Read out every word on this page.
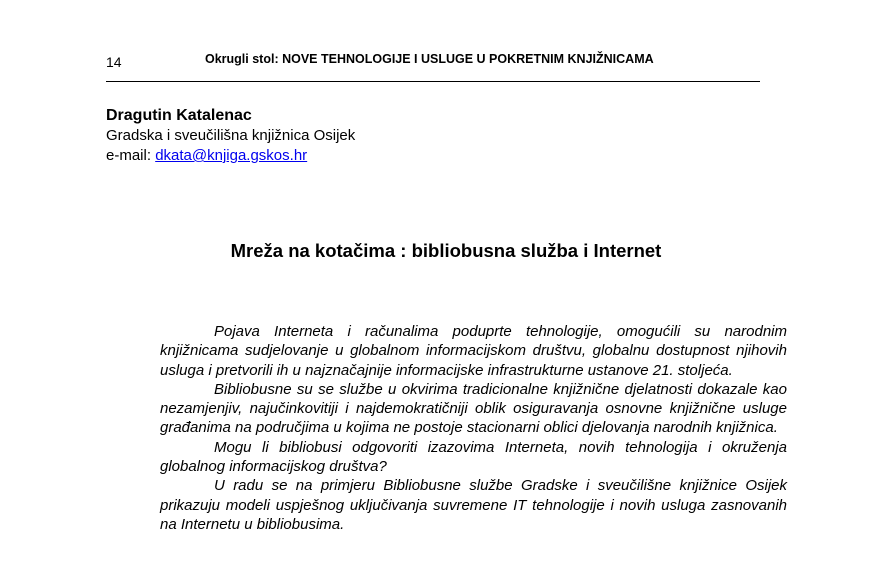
14	Okrugli stol: NOVE TEHNOLOGIJE I USLUGE U POKRETNIM KNJIŽNICAMA
Dragutin Katalenac
Gradska i sveučilišna knjižnica Osijek
e-mail: dkata@knjiga.gskos.hr
Mreža na kotačima : bibliobusna služba i Internet

Pojava Interneta i računalima poduprte tehnologije, omogućili su narodnim knjižnicama sudjelovanje u globalnom informacijskom društvu, globalnu dostupnost njihovih usluga i pretvorili ih u najznačajnije informacijske infrastrukturne ustanove 21. stoljeća.

Bibliobusne su se službe u okvirima tradicionalne knjižnične djelatnosti dokazale kao nezamjenjiv, najučinkovitiji i najdemokratičniji oblik osiguravanja osnovne knjižnične usluge građanima na područjima u kojima ne postoje stacionarni oblici djelovanja narodnih knjižnica.

Mogu li bibliobusi odgovoriti izazovima Interneta, novih tehnologija i okruženja globalnog informacijskog društva?

U radu se na primjeru Bibliobusne službe Gradske i sveučilišne knjižnice Osijek prikazuju modeli uspješnog uključivanja suvremene IT tehnologije i novih usluga zasnovanih na Internetu u bibliobusima.
